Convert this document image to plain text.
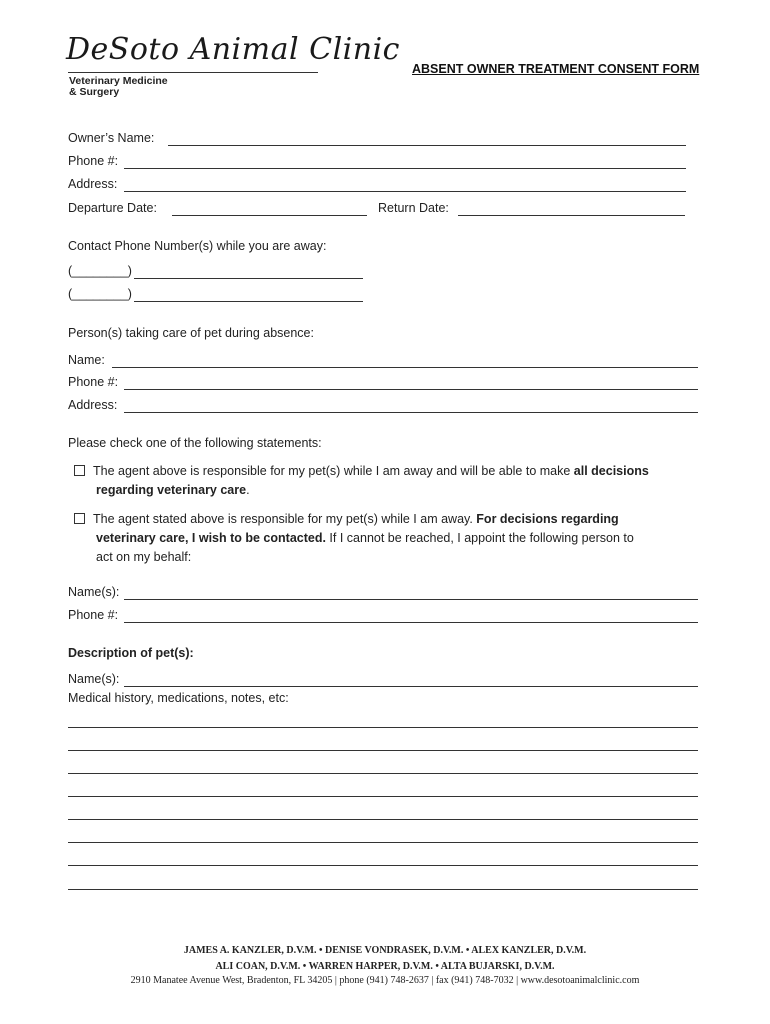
DeSoto Animal Clinic
Veterinary Medicine
& Surgery
ABSENT OWNER TREATMENT CONSENT FORM
Owner’s Name:
Phone #:
Address:
Departure Date:	Return Date:
Contact Phone Number(s) while you are away:
(________)
(________)
Person(s) taking care of pet during absence:
Name:
Phone #:
Address:
Please check one of the following statements:
The agent above is responsible for my pet(s) while I am away and will be able to make all decisions
regarding veterinary care.
The agent stated above is responsible for my pet(s) while I am away. For decisions regarding
veterinary care, I wish to be contacted. If I cannot be reached, I appoint the following person to
act on my behalf:
Name(s):
Phone #:
Description of pet(s):
Name(s):
Medical history, medications, notes, etc:
JAMES A. KANZLER, D.V.M. • DENISE VONDRASEK, D.V.M. • ALEX KANZLER, D.V.M.
ALI COAN, D.V.M. • WARREN HARPER, D.V.M. • ALTA BUJARSKI, D.V.M.
2910 Manatee Avenue West, Bradenton, FL 34205 | phone (941) 748-2637 | fax (941) 748-7032 | www.desotoanimalclinic.com
